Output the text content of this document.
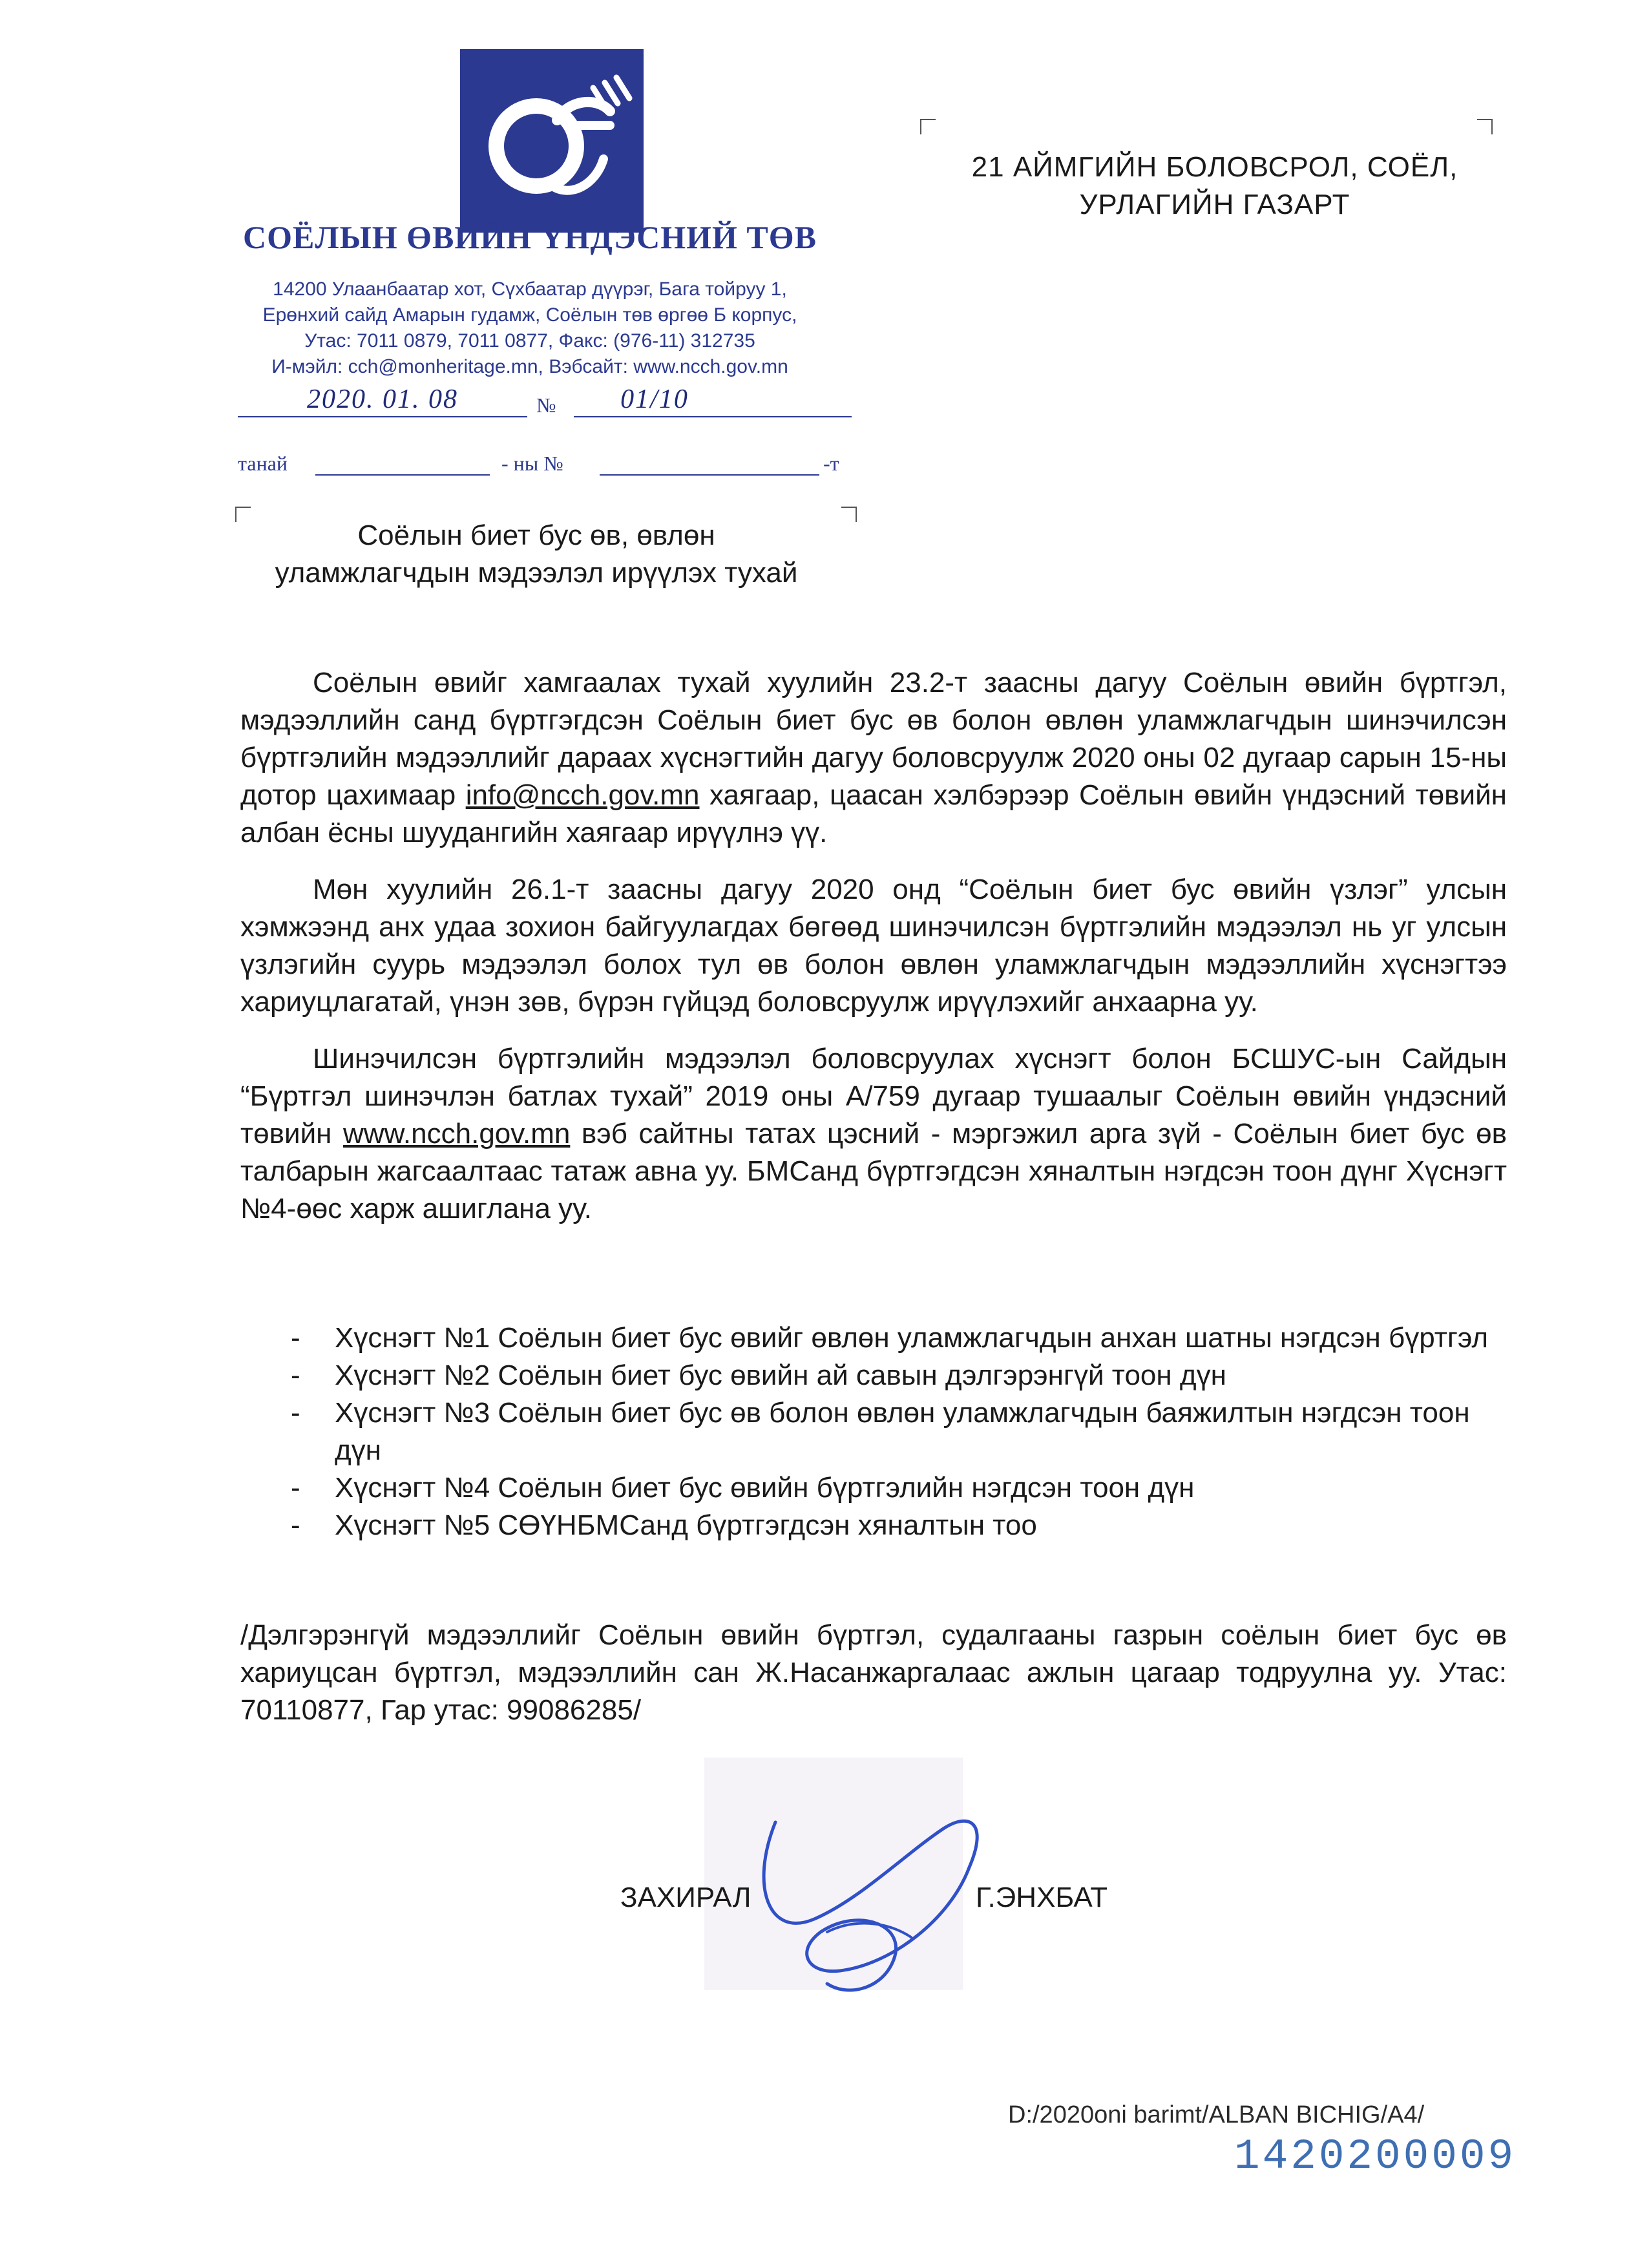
СОЁЛЫН ӨВИЙН ҮНДЭСНИЙ ТӨВ
14200 Улаанбаатар хот, Сүхбаатар дүүрэг, Бага тойруу 1,
Ерөнхий сайд Амарын гудамж, Соёлын төв өргөө Б корпус,
Утас: 7011 0879, 7011 0877, Факс: (976-11) 312735
И-мэйл: cch@monheritage.mn, Вэбсайт: www.ncch.gov.mn
2020. 01. 08	№	01/10
танай	- ны №	-т
21 АЙМГИЙН БОЛОВСРОЛ, СОЁЛ,
УРЛАГИЙН ГАЗАРТ
Соёлын биет бус өв, өвлөн
уламжлагчдын мэдээлэл ирүүлэх тухай

Соёлын өвийг хамгаалах тухай хуулийн 23.2-т заасны дагуу Соёлын өвийн бүртгэл, мэдээллийн санд бүртгэгдсэн Соёлын биет бус өв болон өвлөн уламжлагчдын шинэчилсэн бүртгэлийн мэдээллийг дараах хүснэгтийн дагуу боловсруулж 2020 оны 02 дугаар сарын 15-ны дотор цахимаар info@ncch.gov.mn хаягаар, цаасан хэлбэрээр Соёлын өвийн үндэсний төвийн албан ёсны шуудангийн хаягаар ирүүлнэ үү.

Мөн хуулийн 26.1-т заасны дагуу 2020 онд “Соёлын биет бус өвийн үзлэг” улсын хэмжээнд анх удаа зохион байгуулагдах бөгөөд шинэчилсэн бүртгэлийн мэдээлэл нь уг улсын үзлэгийн суурь мэдээлэл болох тул өв болон өвлөн уламжлагчдын мэдээллийн хүснэгтээ хариуцлагатай, үнэн зөв, бүрэн гүйцэд боловсруулж ирүүлэхийг анхаарна уу.

Шинэчилсэн бүртгэлийн мэдээлэл боловсруулах хүснэгт болон БСШУС-ын Сайдын “Бүртгэл шинэчлэн батлах тухай” 2019 оны А/759 дугаар тушаалыг Соёлын өвийн үндэсний төвийн www.ncch.gov.mn вэб сайтны татах цэсний - мэргэжил арга зүй - Соёлын биет бус өв талбарын жагсаалтаас татаж авна уу. БМСанд бүртгэгдсэн хяналтын нэгдсэн тоон дүнг Хүснэгт №4-өөс харж ашиглана уу.

- Хүснэгт №1 Соёлын биет бус өвийг өвлөн уламжлагчдын анхан шатны нэгдсэн бүртгэл
- Хүснэгт №2 Соёлын биет бус өвийн ай савын дэлгэрэнгүй тоон дүн
- Хүснэгт №3 Соёлын биет бус өв болон өвлөн уламжлагчдын баяжилтын нэгдсэн тоон дүн
- Хүснэгт №4 Соёлын биет бус өвийн бүртгэлийн нэгдсэн тоон дүн
- Хүснэгт №5 СӨҮНБМСанд бүртгэгдсэн хяналтын тоо
/Дэлгэрэнгүй мэдээллийг Соёлын өвийн бүртгэл, судалгааны газрын соёлын биет бус өв хариуцсан бүртгэл, мэдээллийн сан Ж.Насанжаргалаас ажлын цагаар тодруулна уу. Утас: 70110877, Гар утас: 99086285/
ЗАХИРАЛ	Г.ЭНХБАТ
D:/2020oni barimt/ALBAN BICHIG/A4/
1420200009
